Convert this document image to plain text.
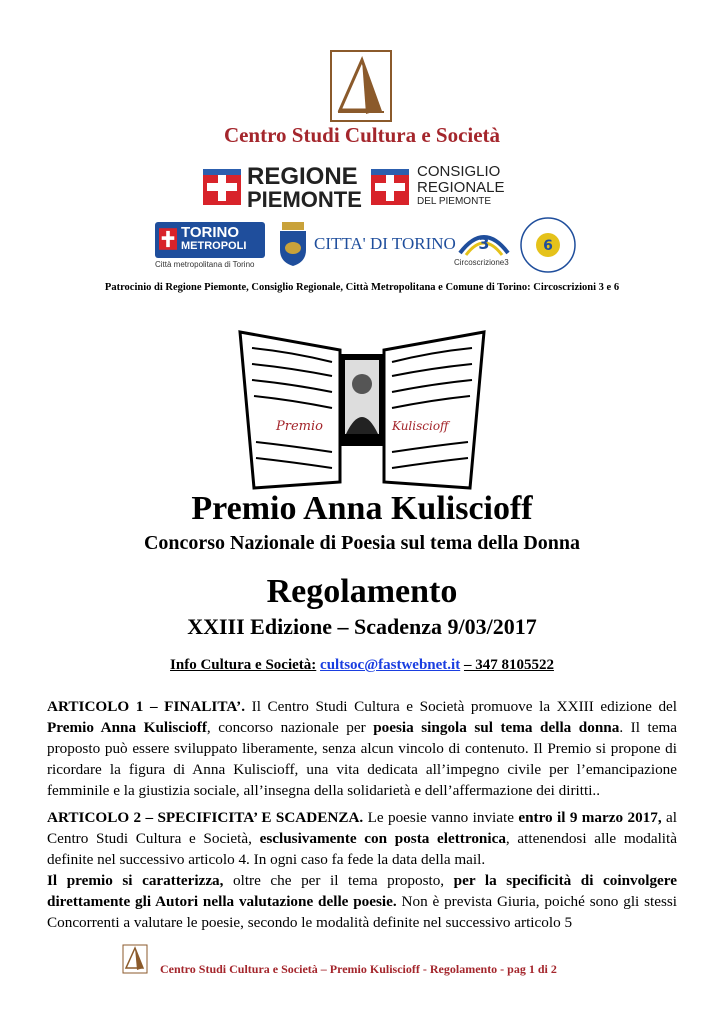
Centro Studi Cultura e Società
REGIONE
PIEMONTE
CONSIGLIO
REGIONALE
DEL PIEMONTE
TORINO
METROPOLI
Città metropolitana di Torino
CITTA' DI TORINO 3
Circoscrizione3
6
Patrocinio di Regione Piemonte, Consiglio Regionale, Città Metropolitana e Comune di Torino: Circoscrizioni 3 e 6
Premio	Kuliscioff
Premio Anna Kuliscioff
Concorso Nazionale di Poesia sul tema della Donna
Regolamento
XXIII Edizione – Scadenza 9/03/2017
Info Cultura e Società: cultsoc@fastwebnet.it – 347 8105522
ARTICOLO 1 – FINALITA’. Il Centro Studi Cultura e Società promuove la XXIII edizione del Premio Anna Kuliscioff, concorso nazionale per poesia singola sul tema della donna. Il tema proposto può essere sviluppato liberamente, senza alcun vincolo di contenuto. Il Premio si propone di ricordare la figura di Anna Kuliscioff, una vita dedicata all’impegno civile per l’emancipazione femminile e la giustizia sociale, all’insegna della solidarietà e dell’affermazione dei diritti..
ARTICOLO 2 – SPECIFICITA’ E SCADENZA. Le poesie vanno inviate entro il 9 marzo 2017, al Centro Studi Cultura e Società, esclusivamente con posta elettronica, attenendosi alle modalità definite nel successivo articolo 4. In ogni caso fa fede la data della mail.
Il premio si caratterizza, oltre che per il tema proposto, per la specificità di coinvolgere direttamente gli Autori nella valutazione delle poesie. Non è prevista Giuria, poiché sono gli stessi Concorrenti a valutare le poesie, secondo le modalità definite nel successivo articolo 5
Centro Studi Cultura e Società – Premio Kuliscioff - Regolamento - pag 1 di 2
